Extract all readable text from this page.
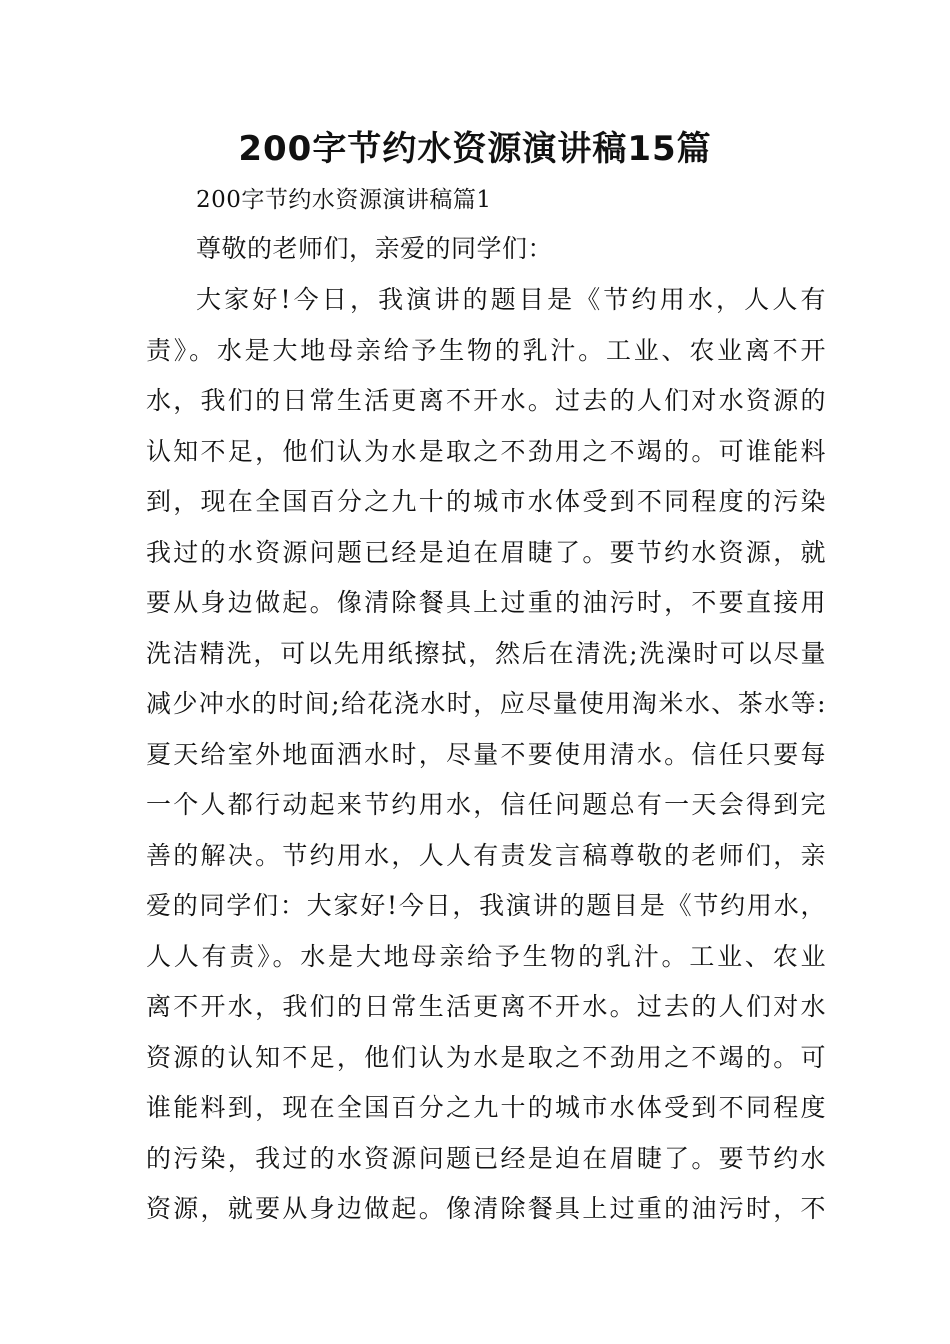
200字节约水资源演讲稿15篇
200字节约水资源演讲稿篇1
尊敬的老师们，亲爱的同学们：
大家好!今日，我演讲的题目是《节约用水，人人有
责》。水是大地母亲给予生物的乳汁。工业、农业离不开
水，我们的日常生活更离不开水。过去的人们对水资源的
认知不足，他们认为水是取之不劲用之不竭的。可谁能料
到，现在全国百分之九十的城市水体受到不同程度的污染
我过的水资源问题已经是迫在眉睫了。要节约水资源，就
要从身边做起。像清除餐具上过重的油污时，不要直接用
洗洁精洗，可以先用纸擦拭，然后在清洗;洗澡时可以尽量
减少冲水的时间;给花浇水时，应尽量使用淘米水、茶水等:
夏天给室外地面洒水时，尽量不要使用清水。信任只要每
一个人都行动起来节约用水，信任问题总有一天会得到完
善的解决。节约用水，人人有责发言稿尊敬的老师们，亲
爱的同学们：大家好!今日，我演讲的题目是《节约用水，
人人有责》。水是大地母亲给予生物的乳汁。工业、农业
离不开水，我们的日常生活更离不开水。过去的人们对水
资源的认知不足，他们认为水是取之不劲用之不竭的。可
谁能料到，现在全国百分之九十的城市水体受到不同程度
的污染，我过的水资源问题已经是迫在眉睫了。要节约水
资源，就要从身边做起。像清除餐具上过重的油污时，不
